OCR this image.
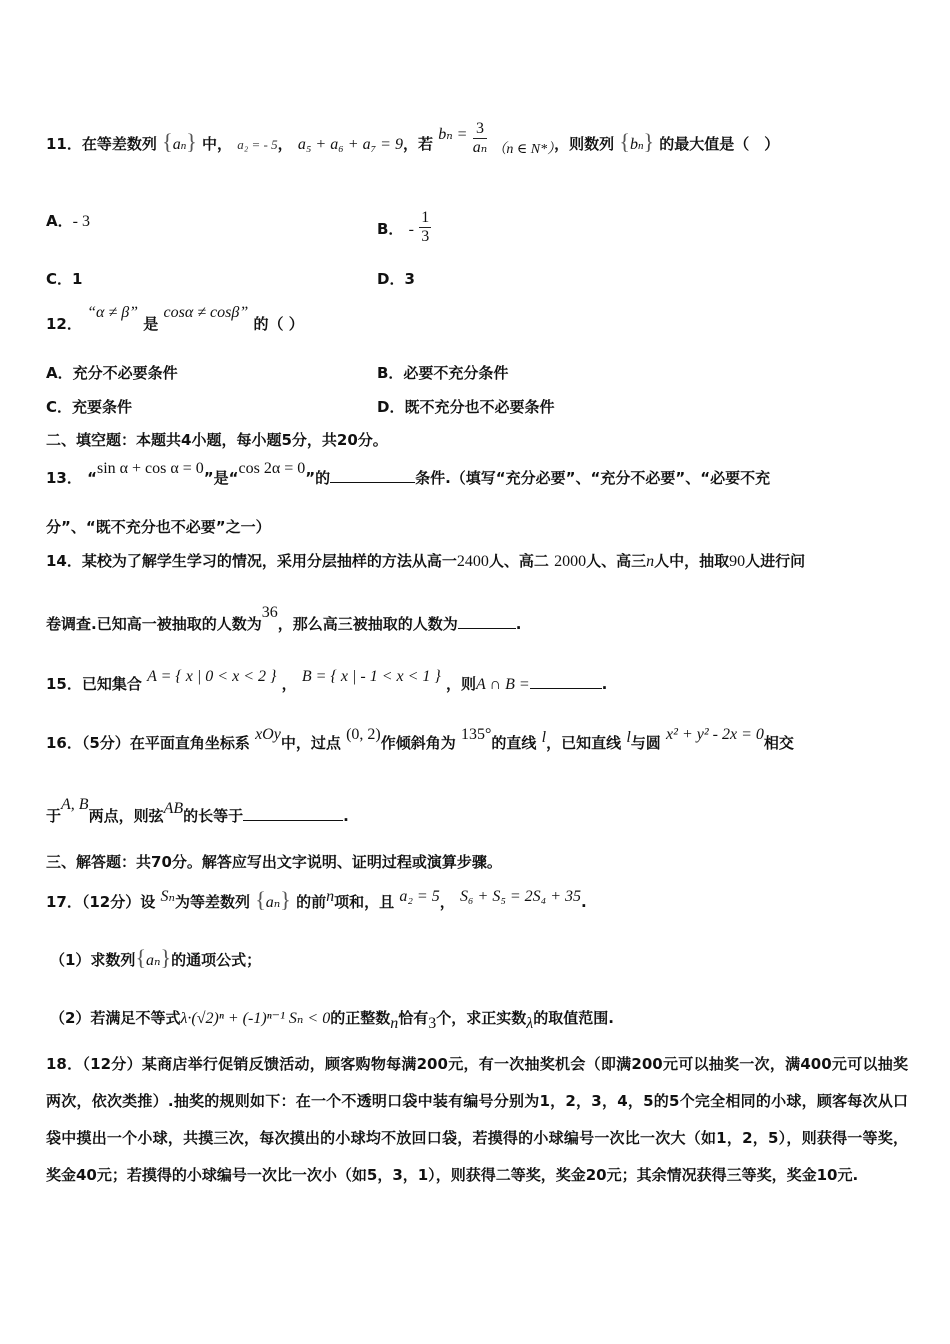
11．在等差数列 {an} 中， a₂ = - 5， a₅ + a₆ + a₇ = 9，若 $b_n = \frac{3}{\text{aₙ}} (n$ ∈ N*），则数列 {bn} 的最大值是（　）
A．- 3	B． - $\frac{1}{3}$
C．1	D．3
12． “α ≠ β” 是 cosα ≠ cosβ” 的（ ）
A．充分不必要条件	B．必要不充分条件
C．充要条件	D．既不充分也不必要条件
二、填空题：本题共4小题，每小题5分，共20分。
13． “sin α + cos α = 0”是“cos 2α = 0”的	条件.（填写“充分必要”、“充分不必要”、“必要不充
分”、“既不充分也不必要”之一）
14．某校为了解学生学习的情况，采用分层抽样的方法从高一2400人、高二 2000人、高三n人中，抽取90人进行问
卷调查.已知高一被抽取的人数为36，那么高三被抽取的人数为	.
15．已知集合 A = { x | 0 < x < 2 } ， B = { x | - 1 < x < 1 } ，则A ∩ B =	.
16．（5分）在平面直角坐标系 xOy中，过点 (0, 2)作倾斜角为 135°的直线 l，已知直线 l与圆 x² + y² - 2x = 0相交
于A, B两点，则弦AB的长等于	.
三、解答题：共70分。解答应写出文字说明、证明过程或演算步骤。
17．（12分）设 Sₙ为等差数列 {aₙ} 的前n项和，且 a₂ = 5， S₆ + S₅ = 2S₄ + 35.
（1）求数列{aₙ}的通项公式；
（2）若满足不等式λ·(√2)ⁿ + (-1)ⁿ⁻¹ Sₙ < 0的正整数n恰有3个，求正实数λ的取值范围.
18．（12分）某商店举行促销反馈活动，顾客购物每满200元，有一次抽奖机会（即满200元可以抽奖一次，满400元可以抽奖两次，依次类推）.抽奖的规则如下：在一个不透明口袋中装有编号分别为1，2，3，4，5的5个完全相同的小球，顾客每次从口袋中摸出一个小球，共摸三次，每次摸出的小球均不放回口袋，若摸得的小球编号一次比一次大（如1，2，5），则获得一等奖，奖金40元；若摸得的小球编号一次比一次小（如5，3，1），则获得二等奖，奖金20元；其余情况获得三等奖，奖金10元.
